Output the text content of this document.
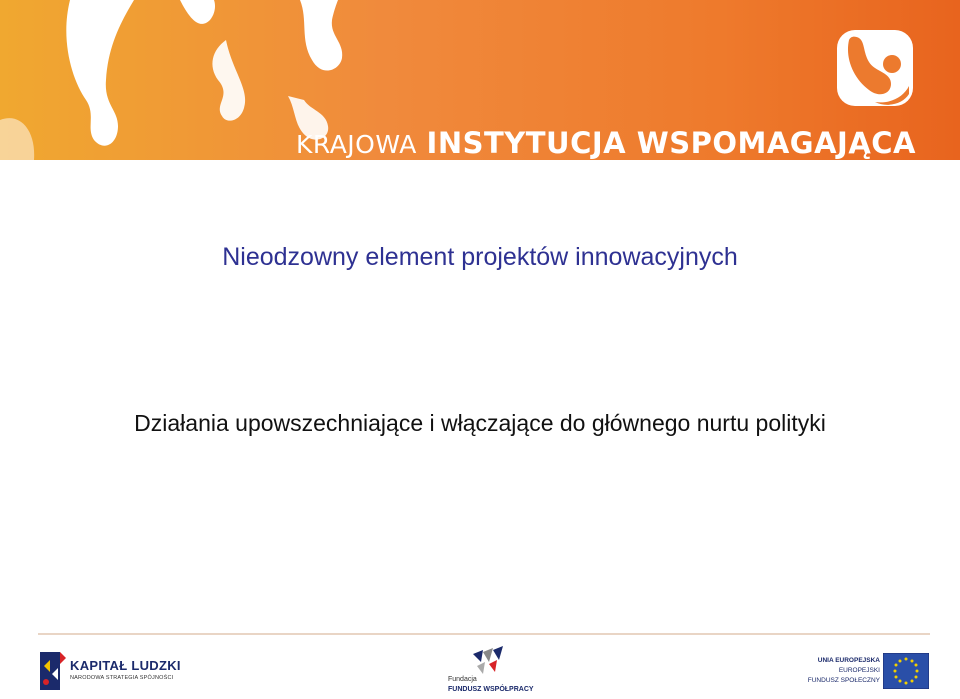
KRAJOWA INSTYTUCJA WSPOMAGAJĄCA
Nieodzowny element projektów innowacyjnych

Działania upowszechniające i włączające do głównego nurtu polityki

KAPITAŁ LUDZKI
NARODOWA STRATEGIA SPÓJNOŚCI	Fundacja
FUNDUSZ WSPÓŁPRACY
UNIA EUROPEJSKA
EUROPEJSKI
FUNDUSZ SPOŁECZNY
